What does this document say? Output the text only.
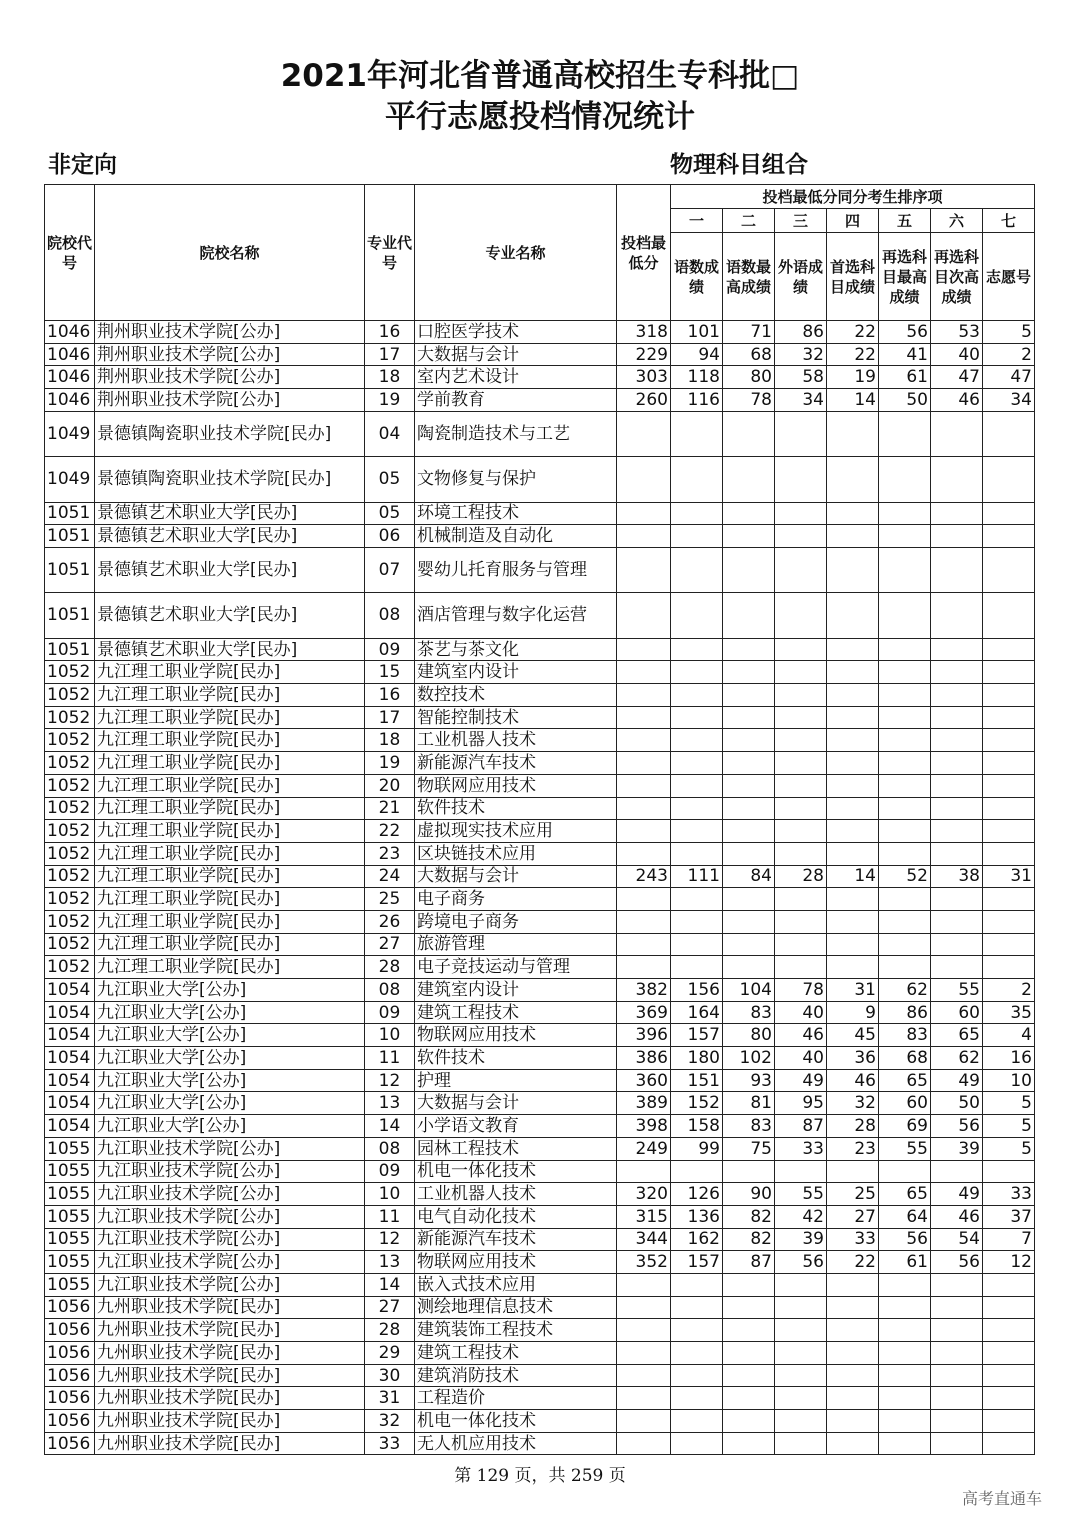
2021年河北省普通高校招生专科批□
平行志愿投档情况统计
非定向	物理科目组合
院校代号	院校名称	专业代号	专业名称	投档最低分	投档最低分同分考生排序项						
					一	二	三	四	五	六	七
					语数成绩	语数最高成绩	外语成绩	首选科目成绩	再选科目最高成绩	再选科目次高成绩	志愿号
1046	荆州职业技术学院[公办]	16	口腔医学技术	318	101	71	86	22	56	53	5
1046	荆州职业技术学院[公办]	17	大数据与会计	229	94	68	32	22	41	40	2
1046	荆州职业技术学院[公办]	18	室内艺术设计	303	118	80	58	19	61	47	47
1046	荆州职业技术学院[公办]	19	学前教育	260	116	78	34	14	50	46	34
1049	景德镇陶瓷职业技术学院[民办]	04	陶瓷制造技术与工艺								
1049	景德镇陶瓷职业技术学院[民办]	05	文物修复与保护								
1051	景德镇艺术职业大学[民办]	05	环境工程技术								
1051	景德镇艺术职业大学[民办]	06	机械制造及自动化								
1051	景德镇艺术职业大学[民办]	07	婴幼儿托育服务与管理								
1051	景德镇艺术职业大学[民办]	08	酒店管理与数字化运营								
1051	景德镇艺术职业大学[民办]	09	茶艺与茶文化								
1052	九江理工职业学院[民办]	15	建筑室内设计								
1052	九江理工职业学院[民办]	16	数控技术								
1052	九江理工职业学院[民办]	17	智能控制技术								
1052	九江理工职业学院[民办]	18	工业机器人技术								
1052	九江理工职业学院[民办]	19	新能源汽车技术								
1052	九江理工职业学院[民办]	20	物联网应用技术								
1052	九江理工职业学院[民办]	21	软件技术								
1052	九江理工职业学院[民办]	22	虚拟现实技术应用								
1052	九江理工职业学院[民办]	23	区块链技术应用								
1052	九江理工职业学院[民办]	24	大数据与会计	243	111	84	28	14	52	38	31
1052	九江理工职业学院[民办]	25	电子商务								
1052	九江理工职业学院[民办]	26	跨境电子商务								
1052	九江理工职业学院[民办]	27	旅游管理								
1052	九江理工职业学院[民办]	28	电子竞技运动与管理								
1054	九江职业大学[公办]	08	建筑室内设计	382	156	104	78	31	62	55	2
1054	九江职业大学[公办]	09	建筑工程技术	369	164	83	40	9	86	60	35
1054	九江职业大学[公办]	10	物联网应用技术	396	157	80	46	45	83	65	4
1054	九江职业大学[公办]	11	软件技术	386	180	102	40	36	68	62	16
1054	九江职业大学[公办]	12	护理	360	151	93	49	46	65	49	10
1054	九江职业大学[公办]	13	大数据与会计	389	152	81	95	32	60	50	5
1054	九江职业大学[公办]	14	小学语文教育	398	158	83	87	28	69	56	5
1055	九江职业技术学院[公办]	08	园林工程技术	249	99	75	33	23	55	39	5
1055	九江职业技术学院[公办]	09	机电一体化技术								
1055	九江职业技术学院[公办]	10	工业机器人技术	320	126	90	55	25	65	49	33
1055	九江职业技术学院[公办]	11	电气自动化技术	315	136	82	42	27	64	46	37
1055	九江职业技术学院[公办]	12	新能源汽车技术	344	162	82	39	33	56	54	7
1055	九江职业技术学院[公办]	13	物联网应用技术	352	157	87	56	22	61	56	12
1055	九江职业技术学院[公办]	14	嵌入式技术应用								
1056	九州职业技术学院[民办]	27	测绘地理信息技术								
1056	九州职业技术学院[民办]	28	建筑装饰工程技术								
1056	九州职业技术学院[民办]	29	建筑工程技术								
1056	九州职业技术学院[民办]	30	建筑消防技术								
1056	九州职业技术学院[民办]	31	工程造价								
1056	九州职业技术学院[民办]	32	机电一体化技术								
1056	九州职业技术学院[民办]	33	无人机应用技术								
第 129 页，共 259 页
高考直通车
